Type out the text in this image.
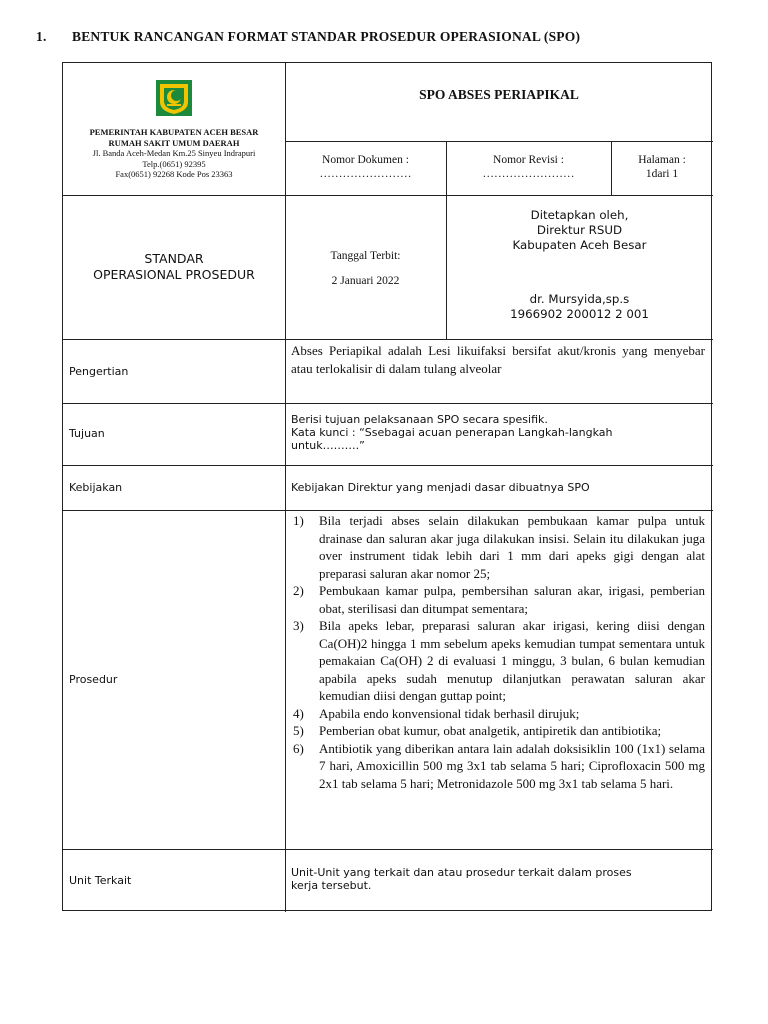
1. BENTUK RANCANGAN FORMAT STANDAR PROSEDUR OPERASIONAL (SPO)
PEMERINTAH KABUPATEN ACEH BESAR
RUMAH SAKIT UMUM DAERAH
Jl. Banda Aceh-Medan Km.25 Sinyeu Indrapuri
Telp.(0651) 92395
Fax(0651) 92268 Kode Pos 23363
SPO ABSES PERIAPIKAL
Nomor Dokumen :
……………………
Nomor Revisi :
……………………
Halaman :
1dari 1
STANDAR
OPERASIONAL PROSEDUR
Tanggal Terbit:
2 Januari 2022
Ditetapkan oleh,
Direktur RSUD
Kabupaten Aceh Besar
dr. Mursyida,sp.s
1966902 200012 2 001
Pengertian
Abses Periapikal adalah Lesi likuifaksi bersifat akut/kronis yang menyebar atau terlokalisir di dalam tulang alveolar
Tujuan
Berisi tujuan pelaksanaan SPO secara spesifik.
Kata kunci : “Ssebagai acuan penerapan Langkah-langkah
untuk……….”
Kebijakan	Kebijakan Direktur yang menjadi dasar dibuatnya SPO
Prosedur
1) Bila terjadi abses selain dilakukan pembukaan kamar pulpa untuk drainase dan saluran akar juga dilakukan insisi. Selain itu dilakukan juga over instrument tidak lebih dari 1 mm dari apeks gigi dengan alat preparasi saluran akar nomor 25;
2) Pembukaan kamar pulpa, pembersihan saluran akar, irigasi, pemberian obat, sterilisasi dan ditumpat sementara;
3) Bila apeks lebar, preparasi saluran akar irigasi, kering diisi dengan Ca(OH)2 hingga 1 mm sebelum apeks kemudian tumpat sementara untuk pemakaian Ca(OH) 2 di evaluasi 1 minggu, 3 bulan, 6 bulan kemudian apabila apeks sudah menutup dilanjutkan perawatan saluran akar kemudian diisi dengan guttap point;
4) Apabila endo konvensional tidak berhasil dirujuk;
5) Pemberian obat kumur, obat analgetik, antipiretik dan antibiotika;
6) Antibiotik yang diberikan antara lain adalah doksisiklin 100 (1x1) selama 7 hari, Amoxicillin 500 mg 3x1 tab selama 5 hari; Ciprofloxacin 500 mg 2x1 tab selama 5 hari; Metronidazole 500 mg 3x1 tab selama 5 hari.
Unit Terkait
Unit-Unit yang terkait dan atau prosedur terkait dalam proses
kerja tersebut.
